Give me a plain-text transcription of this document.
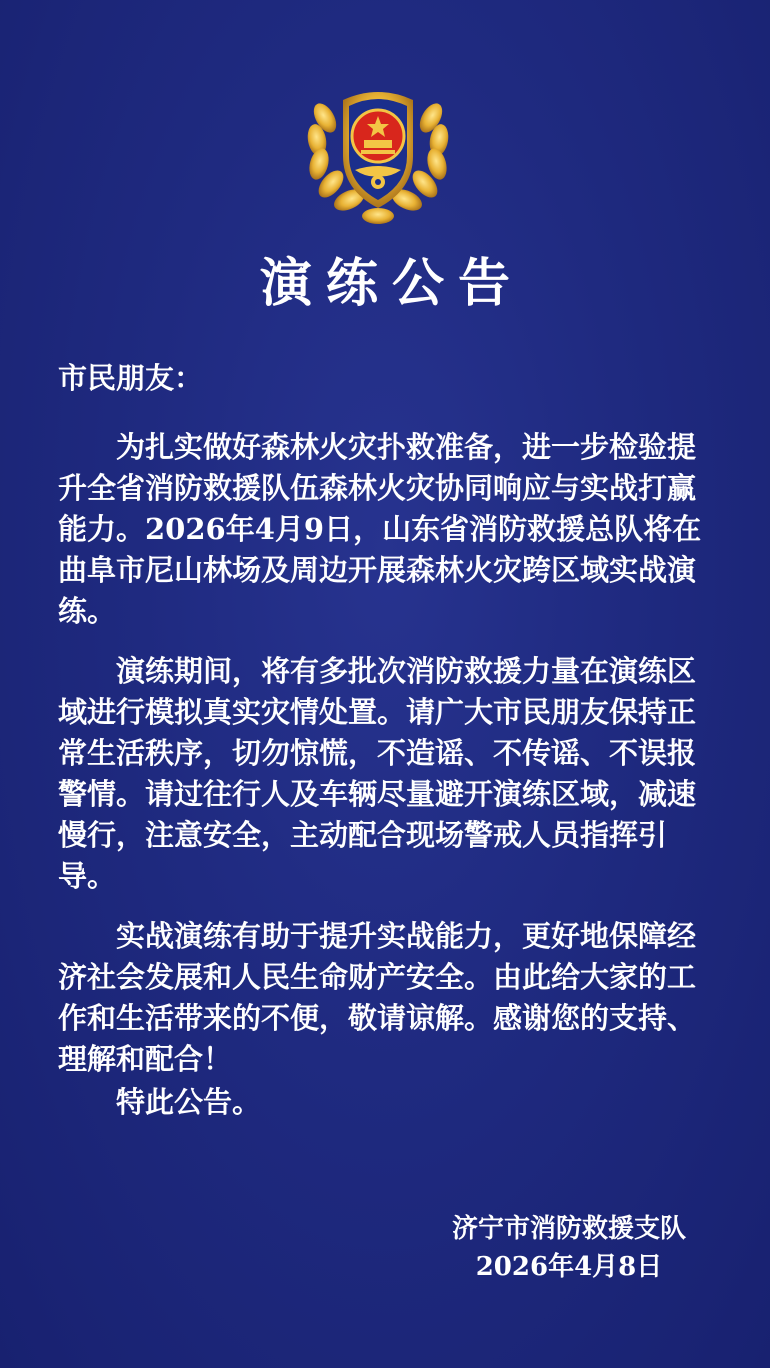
演练公告
市民朋友：
为扎实做好森林火灾扑救准备，进一步检验提升全省消防救援队伍森林火灾协同响应与实战打赢能力。2026年4月9日，山东省消防救援总队将在曲阜市尼山林场及周边开展森林火灾跨区域实战演练。
演练期间，将有多批次消防救援力量在演练区域进行模拟真实灾情处置。请广大市民朋友保持正常生活秩序，切勿惊慌，不造谣、不传谣、不误报警情。请过往行人及车辆尽量避开演练区域，减速慢行，注意安全，主动配合现场警戒人员指挥引导。
实战演练有助于提升实战能力，更好地保障经济社会发展和人民生命财产安全。由此给大家的工作和生活带来的不便，敬请谅解。感谢您的支持、理解和配合！
特此公告。
济宁市消防救援支队
2026年4月8日
